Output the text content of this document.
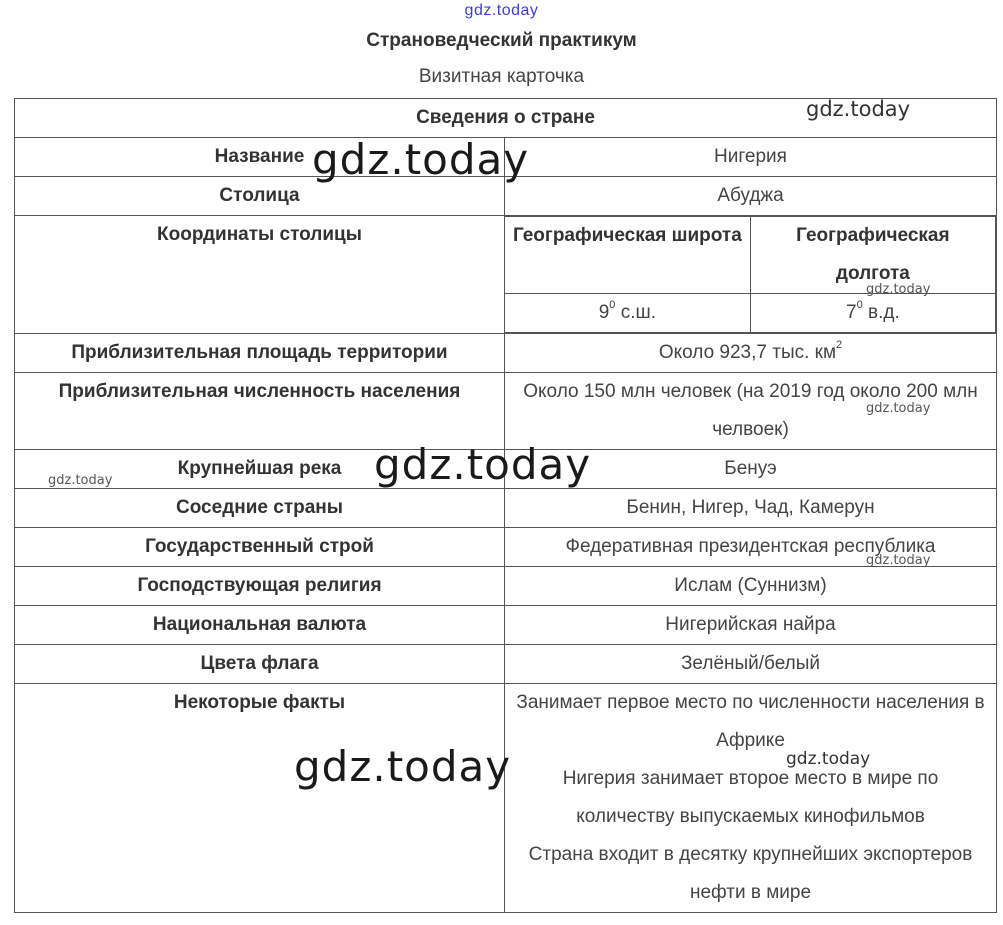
gdz.today
Страноведческий практикум
Визитная карточка
Сведения о стране
Название	Нигерия
Столица	Абуджа
Координаты столицы		Географическая широта	Географическая долгота
$9^0$ с.ш.	$7^0$ в.д.

Приблизительная площадь территории	Около 923,7 тыс. $км^2$
Приблизительная численность населения	Около 150 млн человек (на 2019 год около 200 млн челвоек)
Крупнейшая река	Бенуэ
Соседние страны	Бенин, Нигер, Чад, Камерун
Государственный строй	Федеративная президентская республика
Господствующая религия	Ислам (Суннизм)
Национальная валюта	Нигерийская найра
Цвета флага	Зелёный/белый
Некоторые факты	Занимает первое место по численности населения в Африке
Нигерия занимает второе место в мире по количеству выпускаемых кинофильмов
Страна входит в десятку крупнейших экспортеров нефти в мире
gdz.today
gdz.today
gdz.today
gdz.today
gdz.today
gdz.today
gdz.today
gdz.today	gdz.today
